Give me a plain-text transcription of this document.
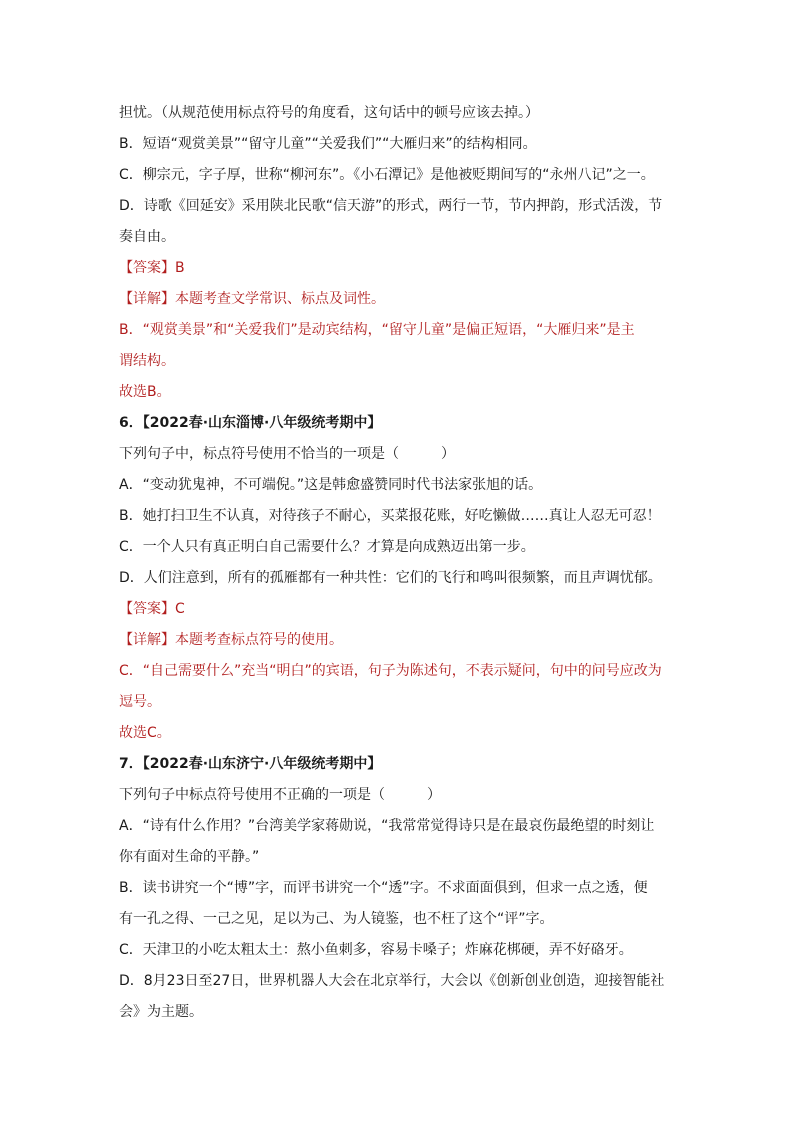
担忧。（从规范使用标点符号的角度看，这句话中的顿号应该去掉。）
B．短语“观赏美景”“留守儿童”“关爱我们”“大雁归来”的结构相同。
C．柳宗元，字子厚，世称“柳河东”。《小石潭记》是他被贬期间写的“永州八记”之一。
D．诗歌《回延安》采用陕北民歌“信天游”的形式，两行一节，节内押韵，形式活泼，节
奏自由。
【答案】B
【详解】本题考查文学常识、标点及词性。
B．“观赏美景”和“关爱我们”是动宾结构，“留守儿童”是偏正短语，“大雁归来”是主
谓结构。
故选B。
6．【2022春·山东淄博·八年级统考期中】
下列句子中，标点符号使用不恰当的一项是（　　　）
A．“变动犹鬼神，不可端倪。”这是韩愈盛赞同时代书法家张旭的话。
B．她打扫卫生不认真，对待孩子不耐心，买菜报花账，好吃懒做……真让人忍无可忍！
C．一个人只有真正明白自己需要什么？才算是向成熟迈出第一步。
D．人们注意到，所有的孤雁都有一种共性：它们的飞行和鸣叫很频繁，而且声调忧郁。
【答案】C
【详解】本题考查标点符号的使用。
C．“自己需要什么”充当“明白”的宾语，句子为陈述句，不表示疑问，句中的问号应改为
逗号。
故选C。
7．【2022春·山东济宁·八年级统考期中】
下列句子中标点符号使用不正确的一项是（　　　）
A．“诗有什么作用？”台湾美学家蒋勋说，“我常常觉得诗只是在最哀伤最绝望的时刻让
你有面对生命的平静。”
B．读书讲究一个“博”字，而评书讲究一个“透”字。不求面面俱到，但求一点之透，便
有一孔之得、一己之见，足以为己、为人镜鉴，也不枉了这个“评”字。
C．天津卫的小吃太粗太土：熬小鱼刺多，容易卡嗓子；炸麻花梆硬，弄不好硌牙。
D．8月23日至27日，世界机器人大会在北京举行，大会以《创新创业创造，迎接智能社
会》为主题。
